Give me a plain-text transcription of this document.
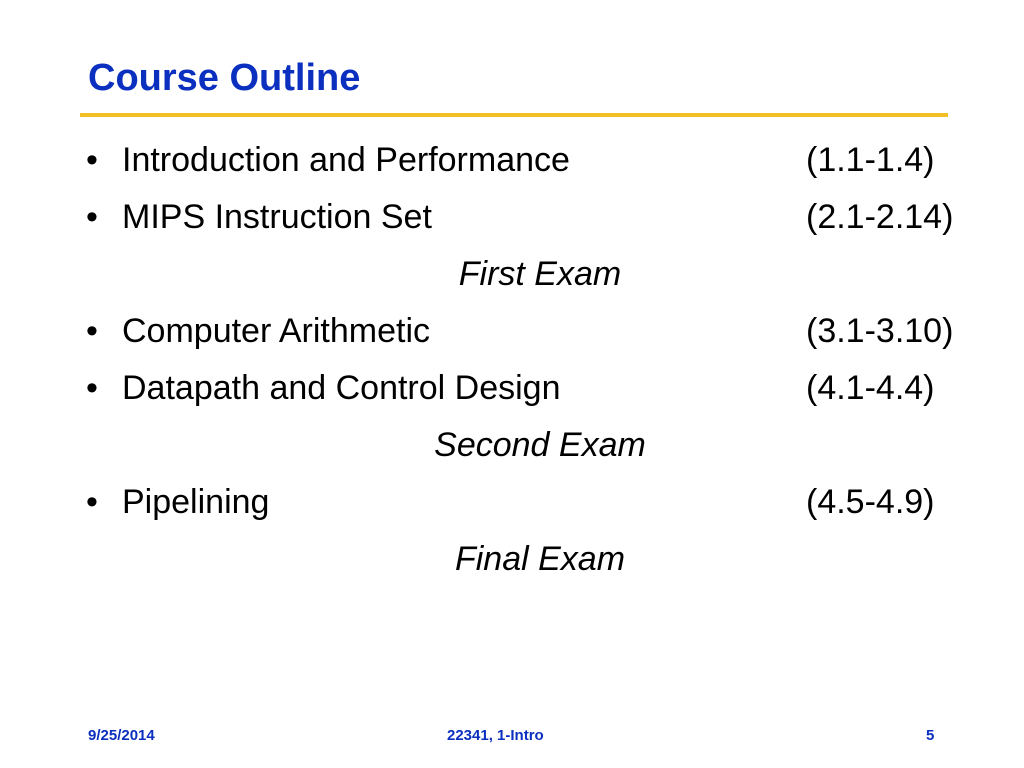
Course Outline
• Introduction and Performance	(1.1-1.4)
• MIPS Instruction Set	(2.1-2.14)
First Exam
• Computer Arithmetic	(3.1-3.10)
• Datapath and Control Design	(4.1-4.4)
Second Exam
• Pipelining	(4.5-4.9)
Final Exam
9/25/2014	22341, 1-Intro	5
